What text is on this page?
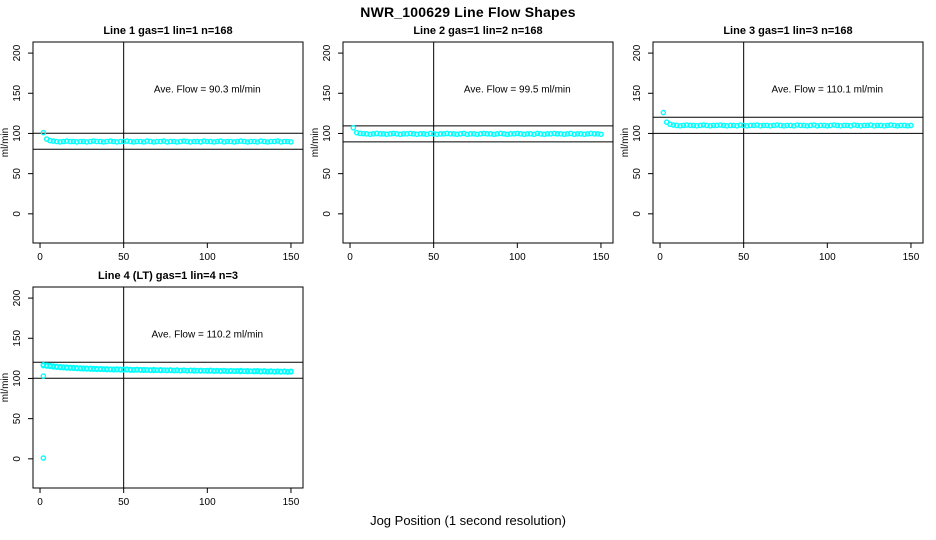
NWR_100629 Line Flow Shapes
Line 1 gas=1 lin=1 n=168
0	50	100	150
0
50
100
150
200
ml/min
Ave. Flow = 90.3 ml/min
Line 2 gas=1 lin=2 n=168
0	50	100	150
0
50
100
150
200
ml/min
Ave. Flow = 99.5 ml/min
Line 3 gas=1 lin=3 n=168
0	50	100	150
0
50
100
150
200
ml/min
Ave. Flow = 110.1 ml/min
Line 4 (LT) gas=1 lin=4 n=3
0	50	100	150
0
50
100
150
200
ml/min
Ave. Flow = 110.2 ml/min
Jog Position (1 second resolution)
